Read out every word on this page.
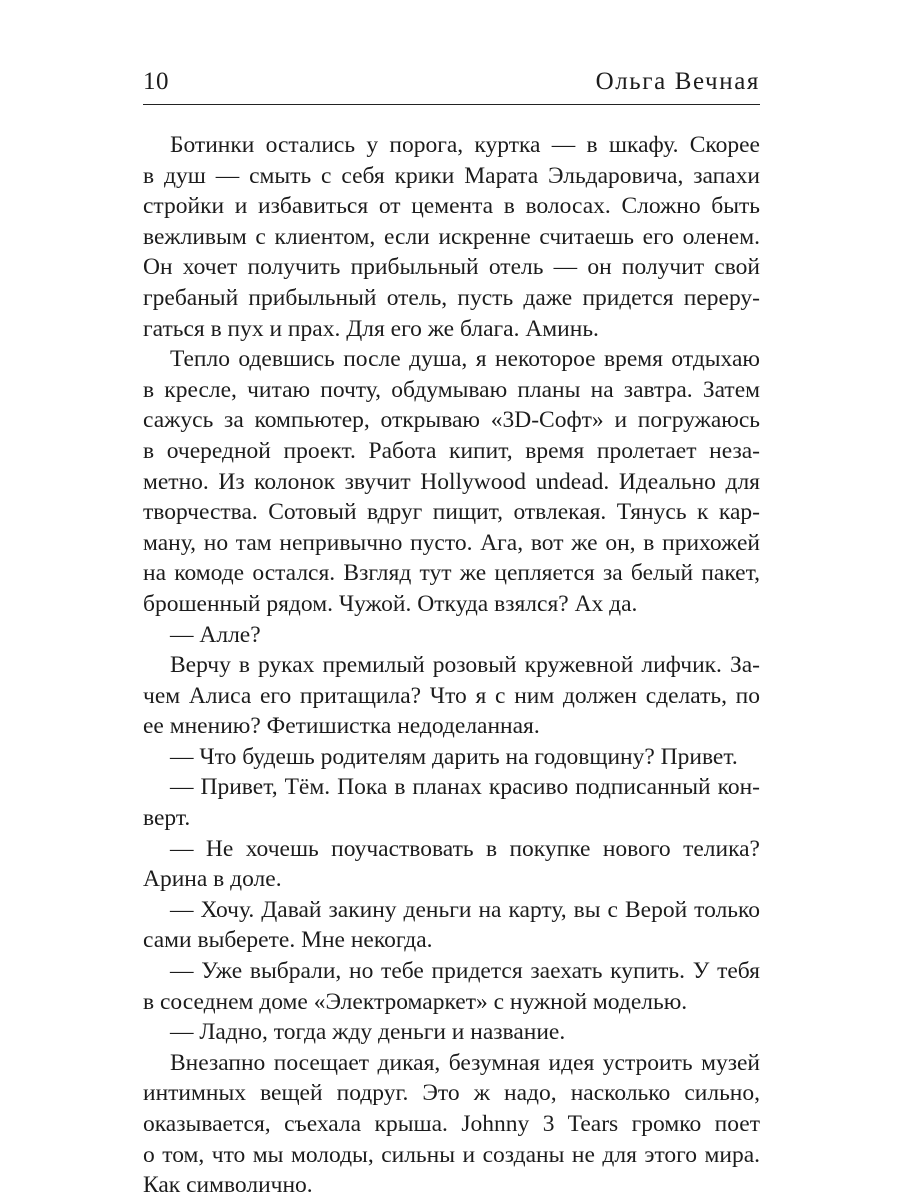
10	Ольга Вечная
Ботинки остались у порога, куртка — в шкафу. Скорее
в душ — смыть с себя крики Марата Эльдаровича, запахи
стройки и избавиться от цемента в волосах. Сложно быть
вежливым с клиентом, если искренне считаешь его оленем.
Он хочет получить прибыльный отель — он получит свой
гребаный прибыльный отель, пусть даже придется переру-
гаться в пух и прах. Для его же блага. Аминь.
Тепло одевшись после душа, я некоторое время отдыхаю
в кресле, читаю почту, обдумываю планы на завтра. Затем
сажусь за компьютер, открываю «3D-Софт» и погружаюсь
в очередной проект. Работа кипит, время пролетает неза-
метно. Из колонок звучит Hollywood undead. Идеально для
творчества. Сотовый вдруг пищит, отвлекая. Тянусь к кар-
ману, но там непривычно пусто. Ага, вот же он, в прихожей
на комоде остался. Взгляд тут же цепляется за белый пакет,
брошенный рядом. Чужой. Откуда взялся? Ах да.
— Алле?
Верчу в руках премилый розовый кружевной лифчик. За-
чем Алиса его притащила? Что я с ним должен сделать, по
ее мнению? Фетишистка недоделанная.
— Что будешь родителям дарить на годовщину? Привет.
— Привет, Тём. Пока в планах красиво подписанный кон-
верт.
— Не хочешь поучаствовать в покупке нового телика?
Арина в доле.
— Хочу. Давай закину деньги на карту, вы с Верой только
сами выберете. Мне некогда.
— Уже выбрали, но тебе придется заехать купить. У тебя
в соседнем доме «Электромаркет» с нужной моделью.
— Ладно, тогда жду деньги и название.
Внезапно посещает дикая, безумная идея устроить музей
интимных вещей подруг. Это ж надо, насколько сильно,
оказывается, съехала крыша. Johnny 3 Tears громко поет
о том, что мы молоды, сильны и созданы не для этого мира.
Как символично.
